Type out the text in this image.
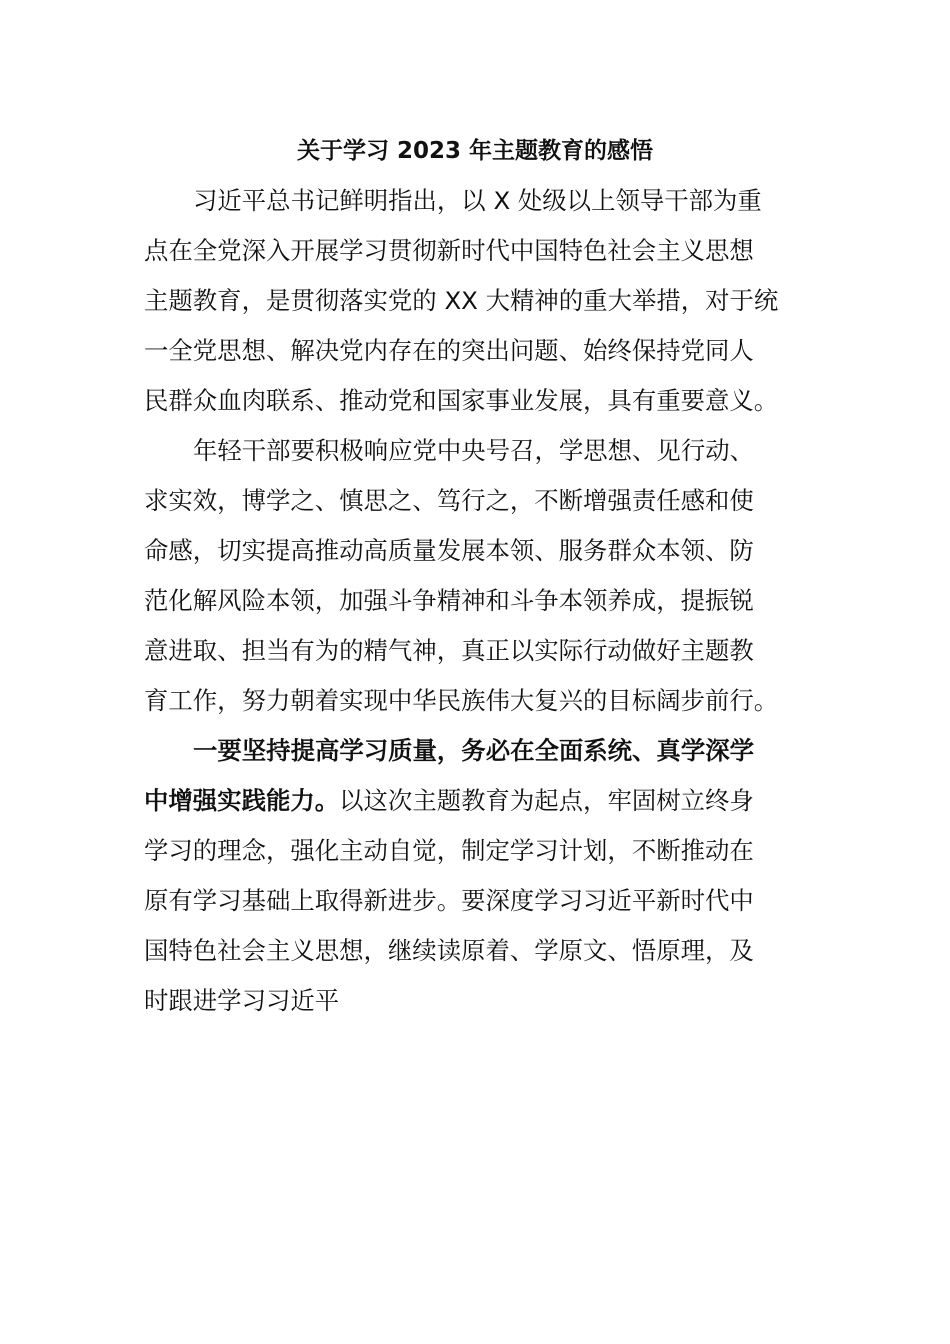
关于学习 2023 年主题教育的感悟
习近平总书记鲜明指出，以 X 处级以上领导干部为重
点在全党深入开展学习贯彻新时代中国特色社会主义思想
主题教育，是贯彻落实党的 XX 大精神的重大举措，对于统
一全党思想、解决党内存在的突出问题、始终保持党同人
民群众血肉联系、推动党和国家事业发展，具有重要意义。
年轻干部要积极响应党中央号召，学思想、见行动、
求实效，博学之、慎思之、笃行之，不断增强责任感和使
命感，切实提高推动高质量发展本领、服务群众本领、防
范化解风险本领，加强斗争精神和斗争本领养成，提振锐
意进取、担当有为的精气神，真正以实际行动做好主题教
育工作，努力朝着实现中华民族伟大复兴的目标阔步前行。
一要坚持提高学习质量，务必在全面系统、真学深学
中增强实践能力。以这次主题教育为起点，牢固树立终身
学习的理念，强化主动自觉，制定学习计划，不断推动在
原有学习基础上取得新进步。要深度学习习近平新时代中
国特色社会主义思想，继续读原着、学原文、悟原理，及
时跟进学习习近平
